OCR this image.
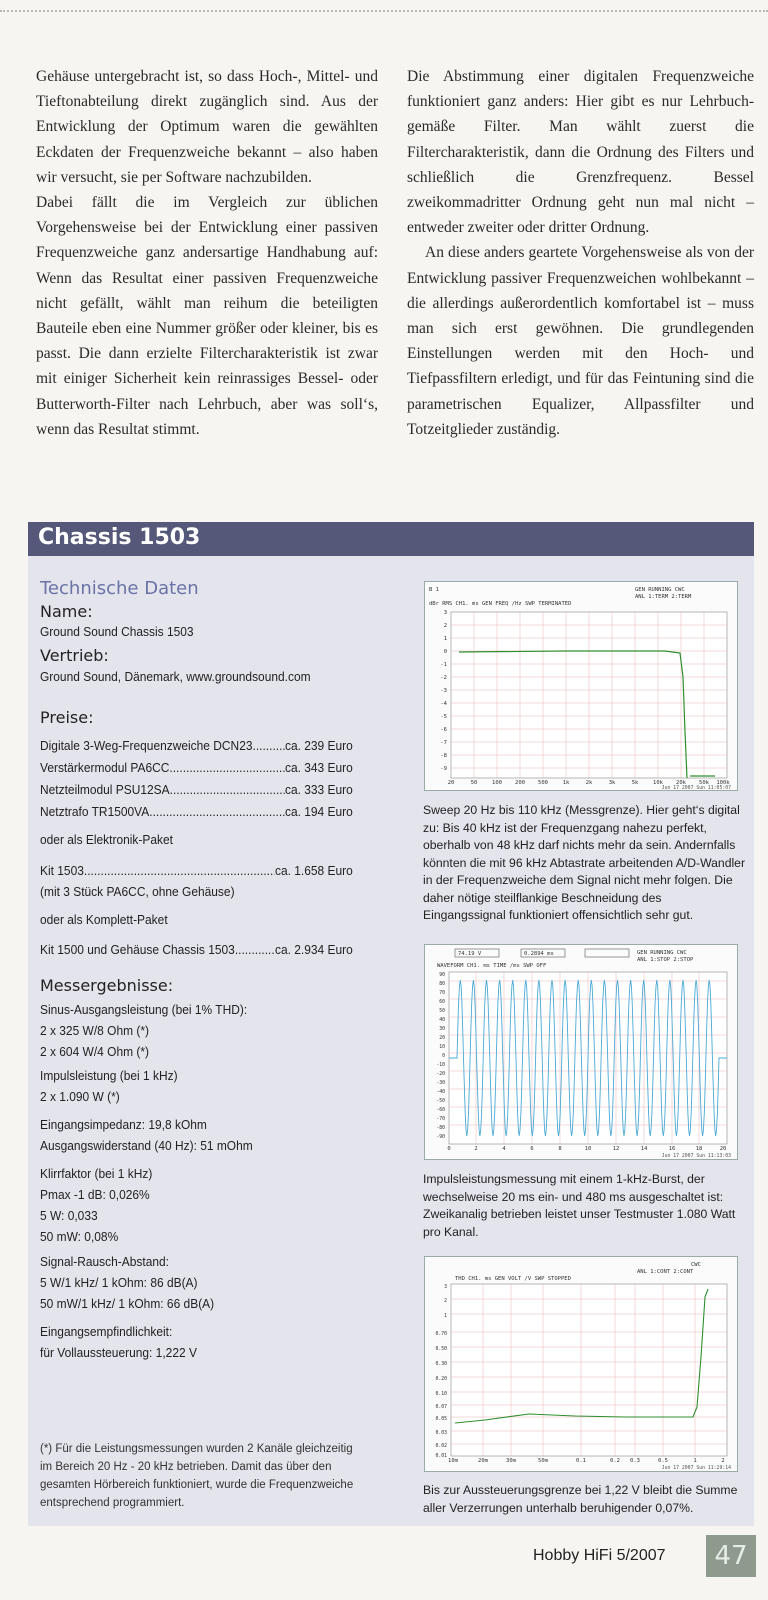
Gehäuse untergebracht ist, so dass Hoch-, Mittel- und Tieftonabteilung direkt zugänglich sind. Aus der Entwicklung der Optimum waren die gewählten Eckdaten der Frequenzweiche bekannt – also haben wir versucht, sie per Software nachzubilden.

Dabei fällt die im Vergleich zur üblichen Vorgehensweise bei der Entwicklung einer passiven Frequenzweiche ganz andersartige Handhabung auf: Wenn das Resultat einer passiven Frequenzweiche nicht gefällt, wählt man reihum die beteiligten Bauteile eben eine Nummer größer oder kleiner, bis es passt. Die dann erzielte Filtercharakteristik ist zwar mit einiger Sicherheit kein reinrassiges Bessel- oder Butterworth-Filter nach Lehrbuch, aber was soll‘s, wenn das Resultat stimmt.

Die Abstimmung einer digitalen Frequenzweiche funktioniert ganz anders: Hier gibt es nur Lehrbuch-gemäße Filter. Man wählt zuerst die Filtercharakteristik, dann die Ordnung des Filters und schließlich die Grenzfrequenz. Bessel zweikommadritter Ordnung geht nun mal nicht – entweder zweiter oder dritter Ordnung.

An diese anders geartete Vorgehensweise als von der Entwicklung passiver Frequenzweichen wohlbekannt – die allerdings außerordentlich komfortabel ist – muss man sich erst gewöhnen. Die grundlegenden Einstellungen werden mit den Hoch- und Tiefpassfiltern erledigt, und für das Feintuning sind die parametrischen Equalizer, Allpassfilter und Totzeitglieder zuständig.

Chassis 1503
Technische Daten
Name:
Ground Sound Chassis 1503
Vertrieb:
Ground Sound, Dänemark, www.groundsound.com
Preise:
Digitale 3-Weg-Frequenzweiche DCN23 ..... ca. 239 Euro
Verstärkermodul PA6CC .....	ca. 343 Euro
Netzteilmodul PSU12SA .....	ca. 333 Euro
Netztrafo TR1500VA .....	ca. 194 Euro
oder als Elektronik-Paket
Kit 1503 .....	ca. 1.658 Euro
(mit 3 Stück PA6CC, ohne Gehäuse)
oder als Komplett-Paket
Kit 1500 und Gehäuse Chassis 1503 .....	ca. 2.934 Euro
Messergebnisse:
Sinus-Ausgangsleistung (bei 1% THD):
2 x 325 W/8 Ohm (*)
2 x 604 W/4 Ohm (*)
Impulsleistung (bei 1 kHz)
2 x 1.090 W (*)
Eingangsimpedanz: 19,8 kOhm
Ausgangswiderstand (40 Hz): 51 mOhm
Klirrfaktor (bei 1 kHz)
Pmax -1 dB: 0,026%
5 W: 0,033
50 mW: 0,08%
Signal-Rausch-Abstand:
5 W/1 kHz/ 1 kOhm: 86 dB(A)
50 mW/1 kHz/ 1 kOhm: 66 dB(A)
Eingangsempfindlichkeit:
für Vollaussteuerung: 1,222 V
(*) Für die Leistungsmessungen wurden 2 Kanäle gleichzeitig im Bereich 20 Hz - 20 kHz betrieben. Damit das über den gesamten Hörbereich funktioniert, wurde die Frequenzweiche entsprechend programmiert.
B 1	GEN RUNNING CWC
ANL 1:TERM 2:TERM
dBr RMS CH1. ms GEN FREQ /Hz SWP TERMINATED
3
2
1
0
-1
-2
-3
-4
-5
-6
-7
-8
-9
20	50	100 200 500	1k	2k	3k	5k	10k 20k 50k 100k
Jun 17 2007 Sun 11:05:07
Sweep 20 Hz bis 110 kHz (Messgrenze). Hier geht‘s digital zu: Bis 40 kHz ist der Frequenzgang nahezu perfekt, oberhalb von 48 kHz darf nichts mehr da sein. Andernfalls könnten die mit 96 kHz Abtastrate arbeitenden A/D-Wandler in der Frequenzweiche dem Signal nicht mehr folgen. Die daher nötige steilflankige Beschneidung des Eingangssignal funktioniert offensichtlich sehr gut.
74.19 V	0.2894 ms	GEN RUNNING CWC
ANL 1:STOP 2:STOP
WAVEFORM CH1. ms TIME /ms SWP OFF
90
80
70
60
50
40
30
20
10
0
-10
-20
-30
-40
-50
-60
-70
-80
-90
0	2	4	6	8	10	12	14	16	18	20
Jun 17 2007 Sun 11:13:03
Impulsleistungsmessung mit einem 1-kHz-Burst, der wechselweise 20 ms ein- und 480 ms ausgeschaltet ist: Zweikanalig betrieben leistet unser Testmuster 1.080 Watt pro Kanal.
CWC
ANL 1:CONT 2:CONT
THD CH1. ms GEN VOLT /V SWP STOPPED
3
2
1
0.70
0.50
0.30
0.20
0.10
0.07
0.05
0.03
0.02
0.01
10m	20m	30m	50m	0.1	0.2 0.3	0.5	1	2
Jun 17 2007 Sun 11:29:14
Bis zur Aussteuerungsgrenze bei 1,22 V bleibt die Summe aller Verzerrungen unterhalb beruhigender 0,07%.
Hobby HiFi 5/2007	47
